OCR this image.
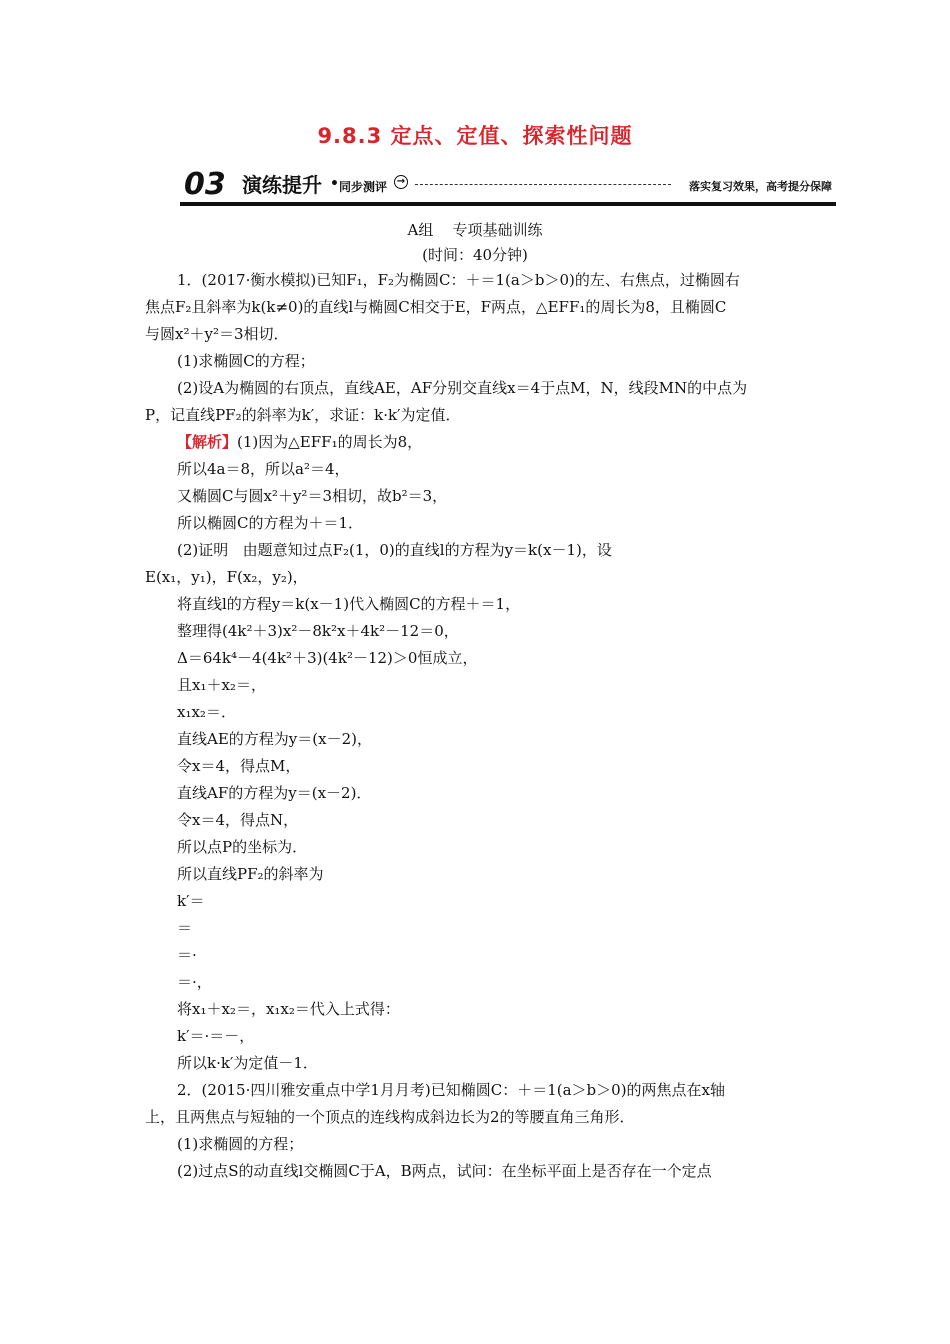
9.8.3 定点、定值、探索性问题
03 演练提升 • 同步测评 →	落实复习效果，高考提分保障
A组    专项基础训练
(时间：40分钟)

1．(2017·衡水模拟)已知F₁，F₂为椭圆C：＋＝1(a＞b＞0)的左、右焦点，过椭圆右

焦点F₂且斜率为k(k≠0)的直线l与椭圆C相交于E，F两点，△EFF₁的周长为8，且椭圆C

与圆x²＋y²＝3相切．

(1)求椭圆C的方程；

(2)设A为椭圆的右顶点，直线AE，AF分别交直线x＝4于点M，N，线段MN的中点为

P，记直线PF₂的斜率为k′，求证：k·k′为定值．

【解析】(1)因为△EFF₁的周长为8，

所以4a＝8，所以a²＝4，

又椭圆C与圆x²＋y²＝3相切，故b²＝3，

所以椭圆C的方程为＋＝1．

(2)证明 由题意知过点F₂(1，0)的直线l的方程为y＝k(x－1)，设

E(x₁，y₁)，F(x₂，y₂)，

将直线l的方程y＝k(x－1)代入椭圆C的方程＋＝1，

整理得(4k²＋3)x²－8k²x＋4k²－12＝0，

Δ＝64k⁴－4(4k²＋3)(4k²－12)＞0恒成立，

且x₁＋x₂＝，

x₁x₂＝．

直线AE的方程为y＝(x－2)，

令x＝4，得点M，

直线AF的方程为y＝(x－2)．

令x＝4，得点N，

所以点P的坐标为．

所以直线PF₂的斜率为

k′＝

＝

＝·

＝·，

将x₁＋x₂＝，x₁x₂＝代入上式得：

k′＝·＝－，

所以k·k′为定值－1．

2．(2015·四川雅安重点中学1月月考)已知椭圆C：＋＝1(a＞b＞0)的两焦点在x轴

上，且两焦点与短轴的一个顶点的连线构成斜边长为2的等腰直角三角形．

(1)求椭圆的方程；

(2)过点S的动直线l交椭圆C于A，B两点，试问：在坐标平面上是否存在一个定点
